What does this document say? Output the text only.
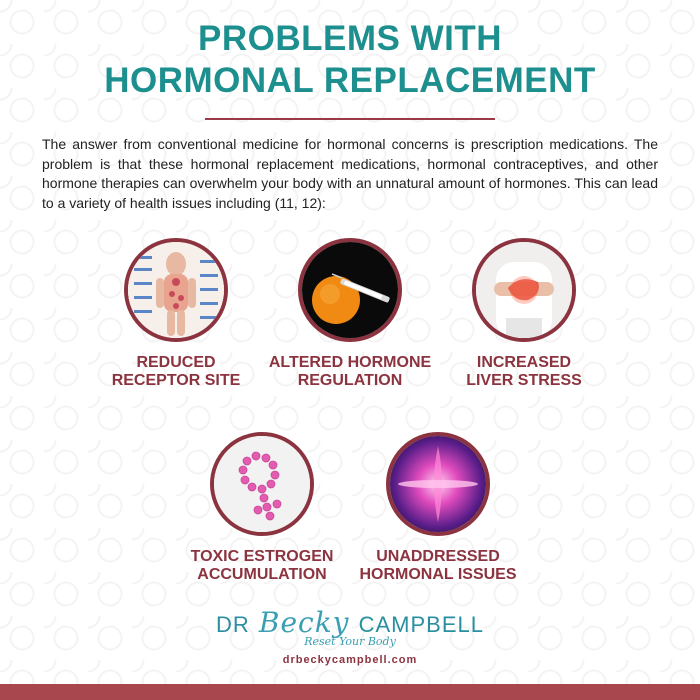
PROBLEMS WITH
HORMONAL REPLACEMENT
The answer from conventional medicine for hormonal concerns is prescription medications. The problem is that these hormonal replacement medications, hormonal contraceptives, and other hormone therapies can overwhelm your body with an unnatural amount of hormones. This can lead to a variety of health issues including (11, 12):
REDUCED
RECEPTOR SITE
ALTERED HORMONE
REGULATION
INCREASED
LIVER STRESS
TOXIC ESTROGEN
ACCUMULATION
UNADDRESSED
HORMONAL ISSUES
DR Becky CAMPBELL
Reset Your Body
drbeckycampbell.com
